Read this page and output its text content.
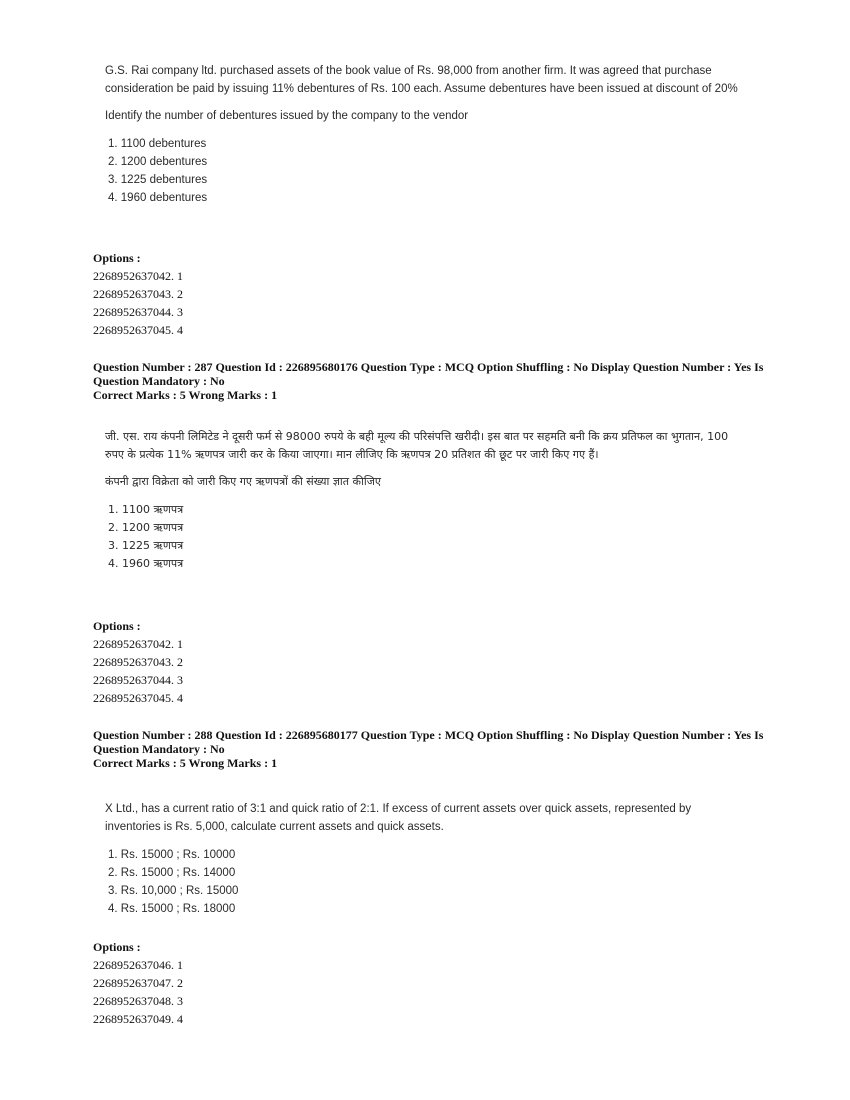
G.S. Rai company ltd. purchased assets of the book value of Rs. 98,000 from another firm. It was agreed that purchase consideration be paid by issuing 11% debentures of Rs. 100 each. Assume debentures have been issued at discount of 20%

Identify the number of debentures issued by the company to the vendor

1. 1100 debentures
2. 1200 debentures
3. 1225 debentures
4. 1960 debentures
Options :
2268952637042. 1
2268952637043. 2
2268952637044. 3
2268952637045. 4
Question Number : 287 Question Id : 226895680176 Question Type : MCQ Option Shuffling : No Display Question Number : Yes Is
Question Mandatory : No
Correct Marks : 5 Wrong Marks : 1

जी. एस. राय कंपनी लिमिटेड ने दूसरी फर्म से 98000 रुपये के बही मूल्य की परिसंपत्ति खरीदी। इस बात पर सहमति बनी कि क्रय प्रतिफल का भुगतान, 100 रुपए के प्रत्येक 11% ऋणपत्र जारी कर के किया जाएगा। मान लीजिए कि ऋणपत्र 20 प्रतिशत की छूट पर जारी किए गए हैं।

कंपनी द्वारा विक्रेता को जारी किए गए ऋणपत्रों की संख्या ज्ञात कीजिए

1. 1100 ऋणपत्र
2. 1200 ऋणपत्र
3. 1225 ऋणपत्र
4. 1960 ऋणपत्र
Options :
2268952637042. 1
2268952637043. 2
2268952637044. 3
2268952637045. 4
Question Number : 288 Question Id : 226895680177 Question Type : MCQ Option Shuffling : No Display Question Number : Yes Is
Question Mandatory : No
Correct Marks : 5 Wrong Marks : 1

X Ltd., has a current ratio of 3:1 and quick ratio of 2:1. If excess of current assets over quick assets, represented by inventories is Rs. 5,000, calculate current assets and quick assets.

1. Rs. 15000 ; Rs. 10000
2. Rs. 15000 ; Rs. 14000
3. Rs. 10,000 ; Rs. 15000
4. Rs. 15000 ; Rs. 18000
Options :
2268952637046. 1
2268952637047. 2
2268952637048. 3
2268952637049. 4
